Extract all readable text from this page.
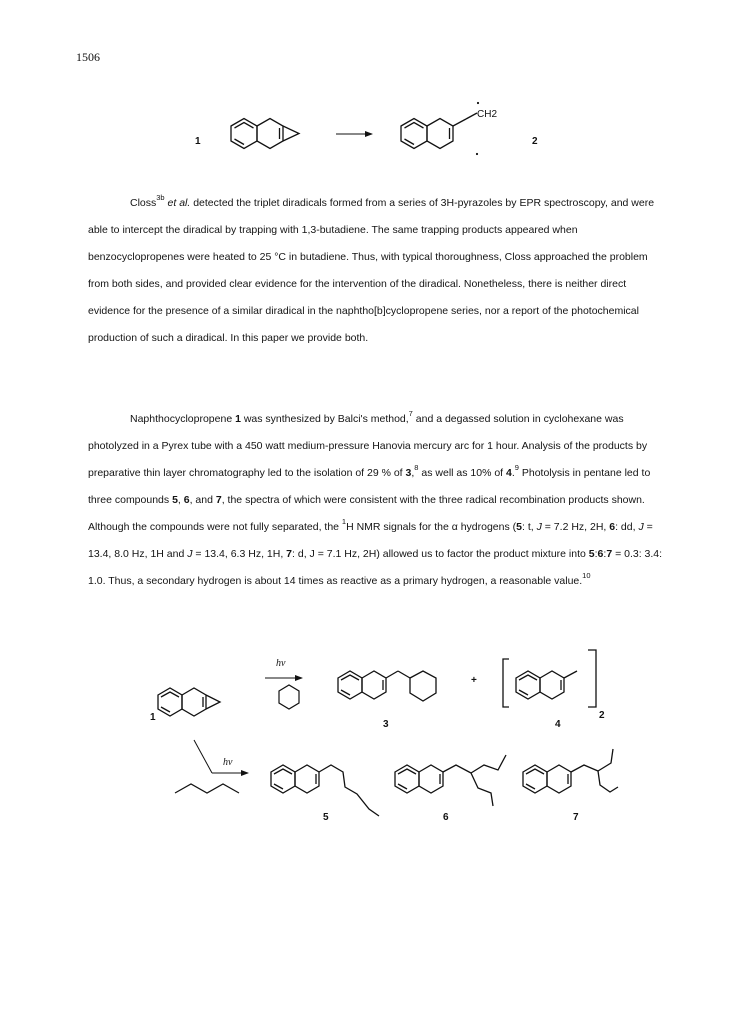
1506
1
CH2
2

Closs$^{3b}$ et al. detected the triplet diradicals formed from a series of 3H-pyrazoles by EPR spectroscopy, and were able to intercept the diradical by trapping with 1,3-butadiene. The same trapping products appeared when benzocyclopropenes were heated to 25 °C in butadiene. Thus, with typical thoroughness, Closs approached the problem from both sides, and provided clear evidence for the intervention of the diradical. Nonetheless, there is neither direct evidence for the presence of a similar diradical in the naphtho[b]cyclopropene series, nor a report of the photochemical production of such a diradical. In this paper we provide both.

Naphthocyclopropene 1 was synthesized by Balci's method,$^7$ and a degassed solution in cyclohexane was photolyzed in a Pyrex tube with a 450 watt medium-pressure Hanovia mercury arc for 1 hour. Analysis of the products by preparative thin layer chromatography led to the isolation of 29 % of 3,$^8$ as well as 10% of 4.$^9$ Photolysis in pentane led to three compounds 5, 6, and 7, the spectra of which were consistent with the three radical recombination products shown. Although the compounds were not fully separated, the $^1$H NMR signals for the α hydrogens (5: t, J = 7.2 Hz, 2H, 6: dd, J = 13.4, 8.0 Hz, 1H and J = 13.4, 6.3 Hz, 1H, 7: d, J = 7.1 Hz, 2H) allowed us to factor the product mixture into 5:6:7 = 0.3: 3.4: 1.0. Thus, a secondary hydrogen is about 14 times as reactive as a primary hydrogen, a reasonable value.$^{10}$

1
hv
3
+
2
4
hv
5	6	7
